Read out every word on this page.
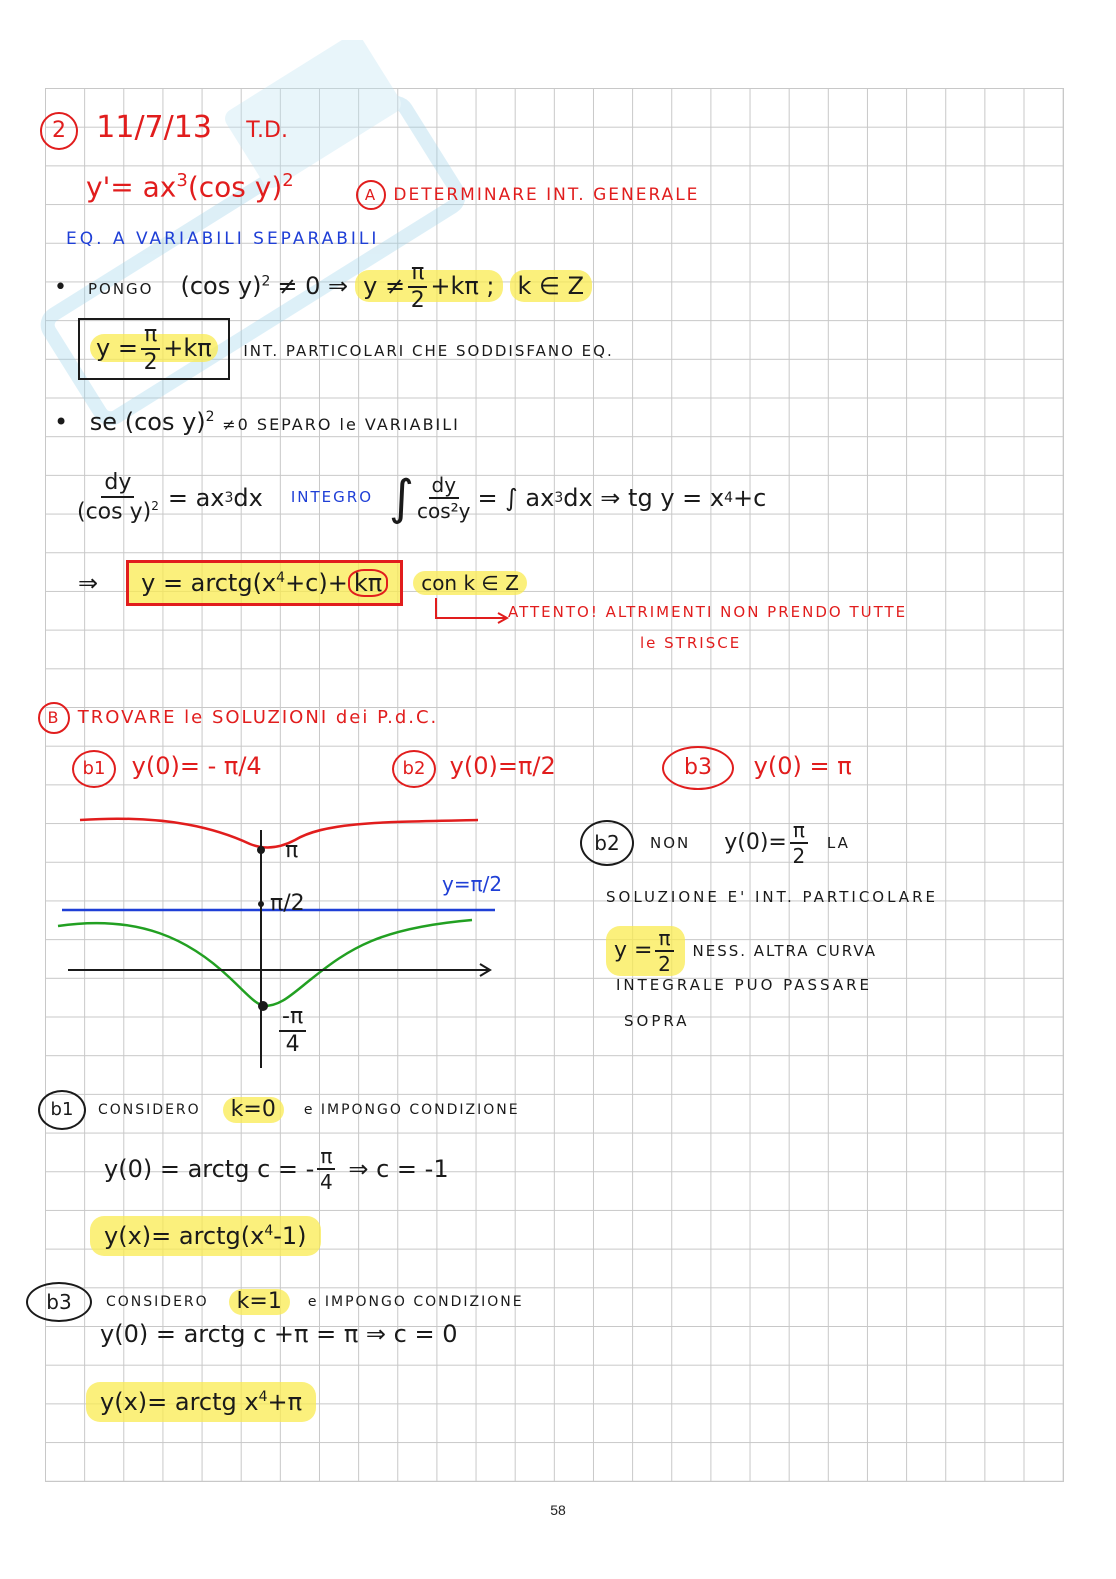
2 11/7/13 T.D.
$y'= ax^3(\cos$ y)$^2$
A DETERMINARE INT. GENERALE
EQ. A VARIABILI SEPARABILI
• PONGO (cos y)$^2$ ≠ 0 ⇒ $y \ne \frac{\pi}{2} +k\pi$ ; k ∈ Z
$y = \frac{\pi}{2} +k\pi$ INT. PARTICOLARI CHE SODDISFANO EQ.
• se (cos y)$^2$ ≠0 SEPARO le VARIABILI
$\frac{dy}{(\cos y)^2}$ = ax 3 dx INTEGRO ∫ $\frac{dy}{\text{cos²y}}$ = ∫ ax 3 dx ⇒ tg y = x 4 +c
⇒	$y = arctg(x^4+c)+ k\pi$	con k ∈ Z
ATTENTO! ALTRIMENTI NON PRENDO TUTTE
le STRISCE
B TROVARE le SOLUZIONI dei P.d.C.
b1 y(0)= - π/4	b2 y(0)=π/2	b3 y(0) = π
π
π/2
$\frac{-\pi}{4}$
y=π/2
b2	NON $y(0)= \frac{\pi}{2}$ LA
SOLUZIONE E' INT. PARTICOLARE
$y = \frac{\pi}{2}$ NESS. ALTRA CURVA
INTEGRALE PUO PASSARE
SOPRA
b1	CONSIDERO	k=0	e IMPONGO CONDIZIONE
y(0) = arctg c = - $\frac{\pi}{4}$ ⇒ c = -1
$y(x)= arctg(x^4-1)$
b3	CONSIDERO	k=1	e IMPONGO CONDIZIONE
y(0) = arctg c +π = π ⇒ c = 0
y(x)= arctg $x^4+\pi$
58
